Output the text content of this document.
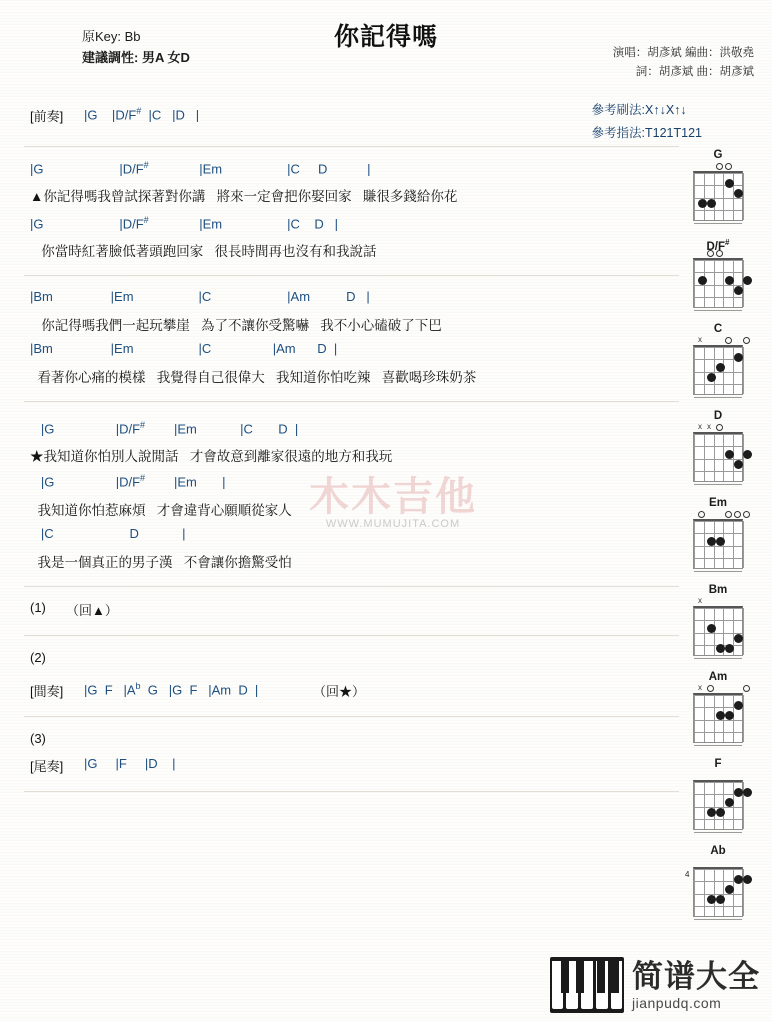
你記得嗎
原Key: Bb
建議調性: 男A 女D	演唱：胡彥斌 編曲：洪敬堯
詞：胡彥斌 曲：胡彥斌
參考刷法:X↑↓X↑↓
參考指法:T121T121
[前奏] |G    |D/F#  |C   |D   |
|G                     |D/F#              |Em                  |C     D           |
▲你記得嗎我曾試探著對你講   將來一定會把你娶回家   賺很多錢給你花
|G                     |D/F#              |Em                  |C    D   |
你當時紅著臉低著頭跑回家   很長時間再也沒有和我說話
|Bm                |Em                  |C                     |Am          D   |
你記得嗎我們一起玩攀崖   為了不讓你受驚嚇   我不小心磕破了下巴
|Bm                |Em                  |C                 |Am      D  |
看著你心痛的模樣   我覺得自己很偉大   我知道你怕吃辣   喜歡喝珍珠奶茶
|G                 |D/F#        |Em            |C       D  |
★我知道你怕別人說閒話   才會故意到離家很遠的地方和我玩
|G                 |D/F#        |Em       |
我知道你怕惹麻煩   才會違背心願順從家人
|C                     D            |
我是一個真正的男子漢   不會讓你擔驚受怕
(1) （回▲）
(2)
[間奏] |G  F   $|A^b$  G   |G  F   |Am  D  |	（回★）
(3)
[尾奏] |G     |F     |D    |
木木吉他
WWW.MUMUJITA.COM
G
D/F#
C
x
D
x
x
Em
Bm
x
Am
x
F
Ab
4
简谱大全
jianpudq.com
